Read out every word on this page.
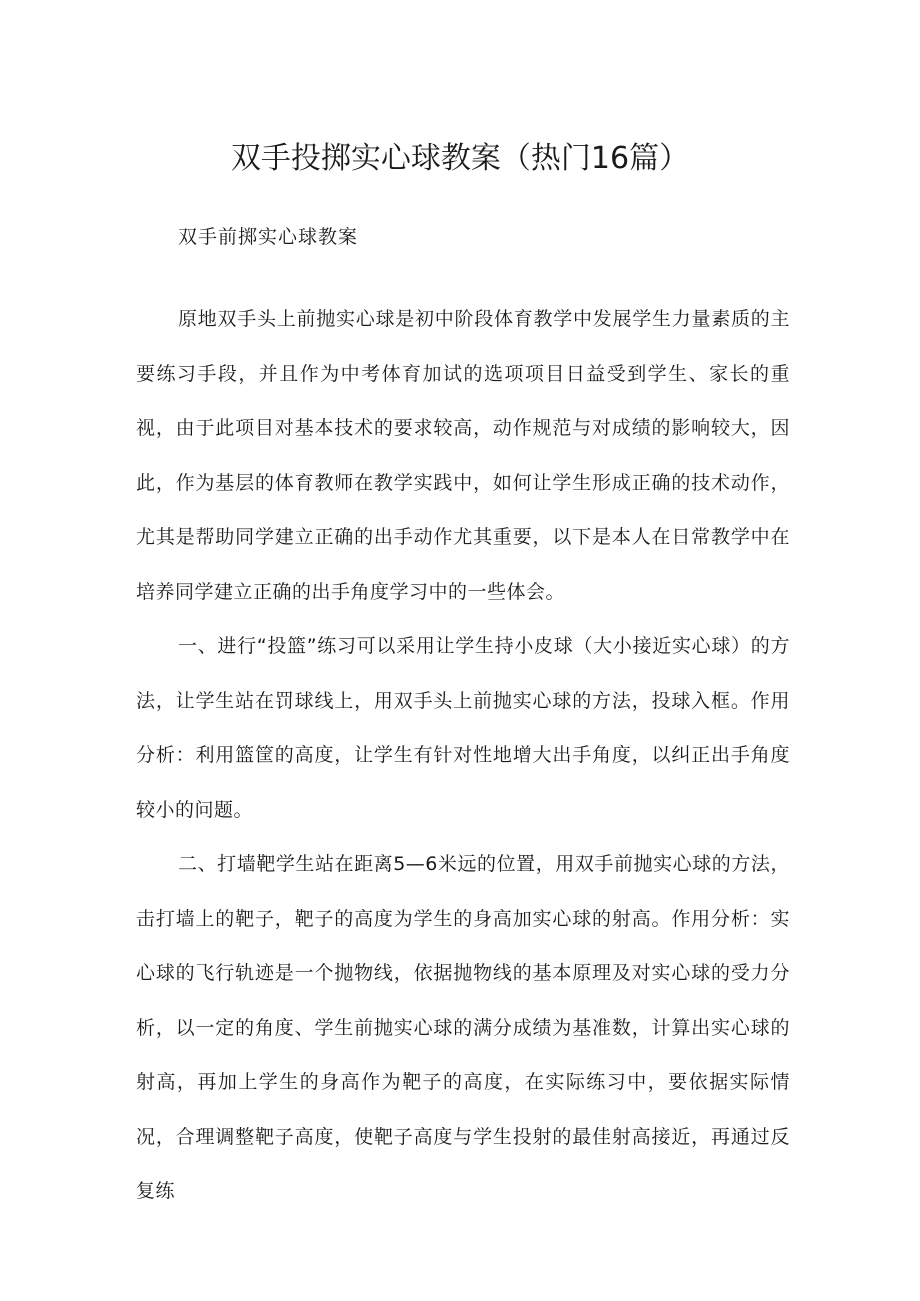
双手投掷实心球教案（热门16篇）

双手前掷实心球教案

原地双手头上前抛实心球是初中阶段体育教学中发展学生力量素质的主要练习手段，并且作为中考体育加试的选项项目日益受到学生、家长的重视，由于此项目对基本技术的要求较高，动作规范与对成绩的影响较大，因此，作为基层的体育教师在教学实践中，如何让学生形成正确的技术动作，尤其是帮助同学建立正确的出手动作尤其重要，以下是本人在日常教学中在培养同学建立正确的出手角度学习中的一些体会。

一、进行“投篮”练习可以采用让学生持小皮球（大小接近实心球）的方法，让学生站在罚球线上，用双手头上前抛实心球的方法，投球入框。作用分析：利用篮筐的高度，让学生有针对性地增大出手角度，以纠正出手角度较小的问题。

二、打墙靶学生站在距离5—6米远的位置，用双手前抛实心球的方法，击打墙上的靶子，靶子的高度为学生的身高加实心球的射高。作用分析：实心球的飞行轨迹是一个抛物线，依据抛物线的基本原理及对实心球的受力分析，以一定的角度、学生前抛实心球的满分成绩为基准数，计算出实心球的射高，再加上学生的身高作为靶子的高度，在实际练习中，要依据实际情况，合理调整靶子高度，使靶子高度与学生投射的最佳射高接近，再通过反复练
